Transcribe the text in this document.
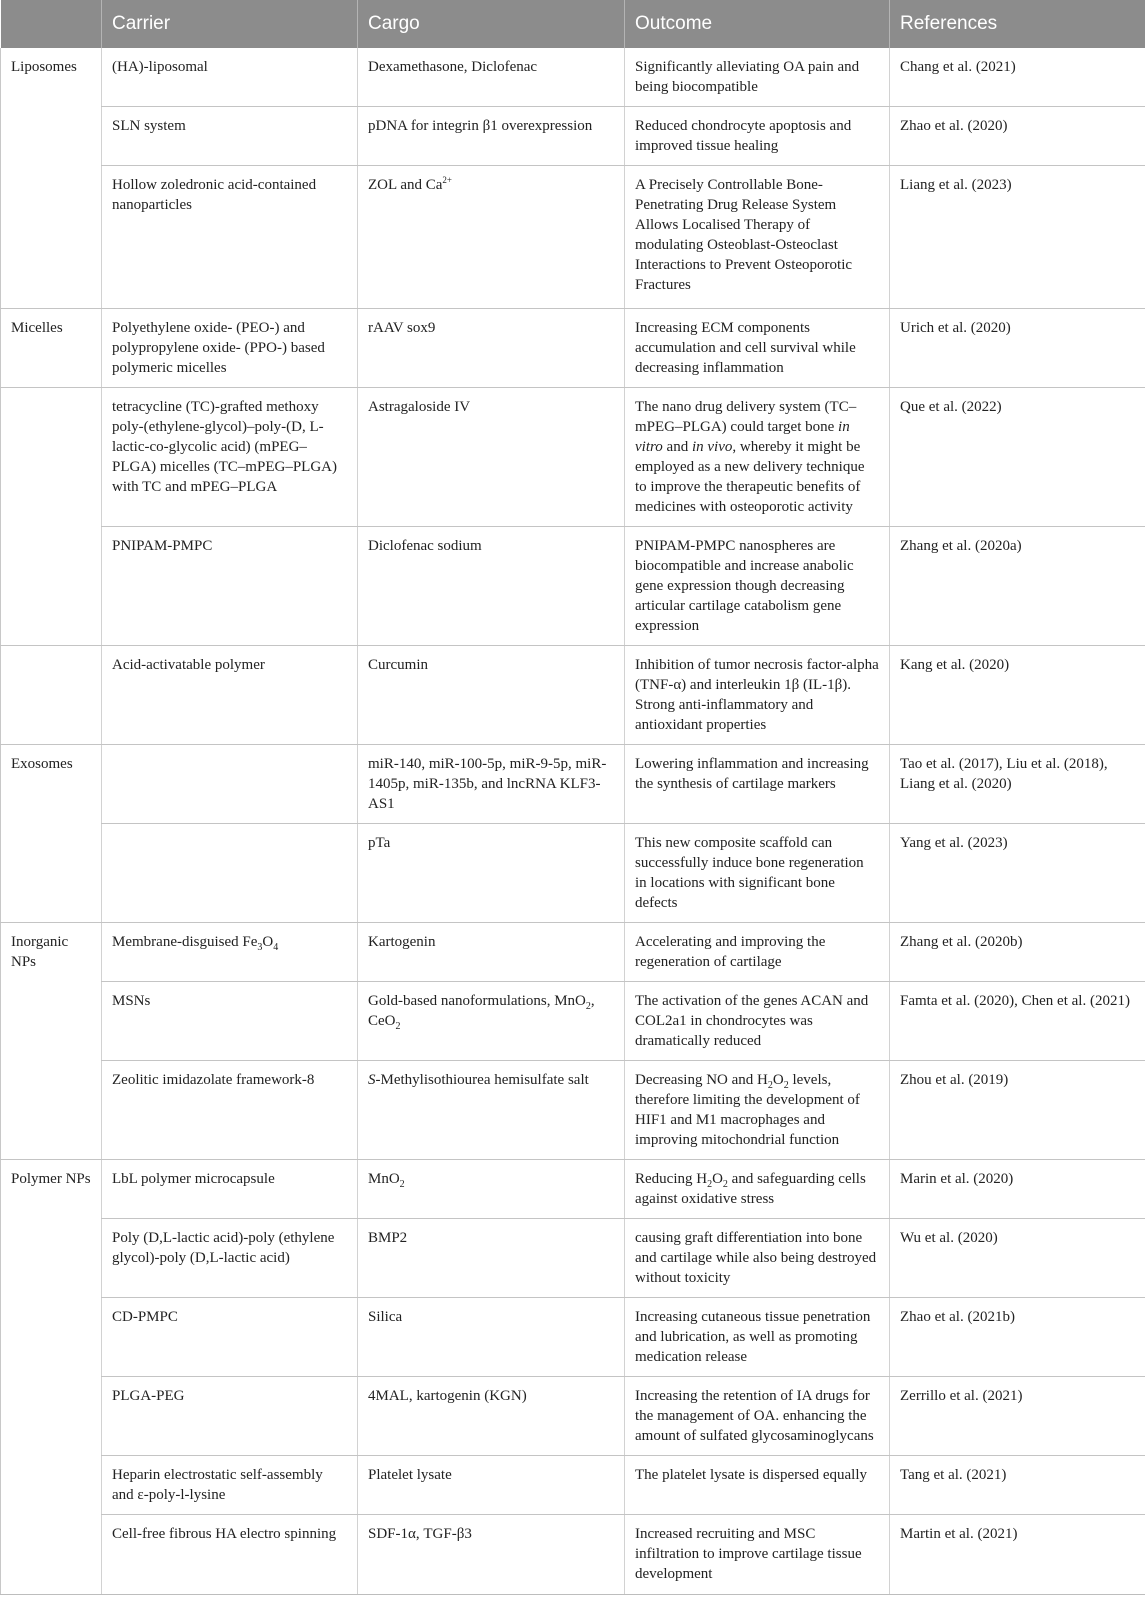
	Carrier	Cargo	Outcome	References
Liposomes	(HA)-liposomal	Dexamethasone, Diclofenac	Significantly alleviating OA pain and being biocompatible	Chang et al. (2021)
	SLN system	pDNA for integrin β1 overexpression	Reduced chondrocyte apoptosis and improved tissue healing	Zhao et al. (2020)
	Hollow zoledronic acid-contained nanoparticles	ZOL and $Ca^{2+}$	A Precisely Controllable Bone-Penetrating Drug Release System Allows Localised Therapy of modulating Osteoblast-Osteoclast Interactions to Prevent Osteoporotic Fractures	Liang et al. (2023)
Micelles	Polyethylene oxide- (PEO-) and polypropylene oxide- (PPO-) based polymeric micelles	rAAV sox9	Increasing ECM components accumulation and cell survival while decreasing inflammation	Urich et al. (2020)
	tetracycline (TC)-grafted methoxy poly-(ethylene-glycol)–poly-(D, L-lactic-co-glycolic acid) (mPEG–PLGA) micelles (TC–mPEG–PLGA) with TC and mPEG–PLGA	Astragaloside IV	The nano drug delivery system (TC–mPEG–PLGA) could target bone in vitro and in vivo, whereby it might be employed as a new delivery technique to improve the therapeutic benefits of medicines with osteoporotic activity	Que et al. (2022)
	PNIPAM-PMPC	Diclofenac sodium	PNIPAM-PMPC nanospheres are biocompatible and increase anabolic gene expression though decreasing articular cartilage catabolism gene expression	Zhang et al. (2020a)
	Acid-activatable polymer	Curcumin	Inhibition of tumor necrosis factor-alpha (TNF-α) and interleukin 1β (IL-1β). Strong anti-inflammatory and antioxidant properties	Kang et al. (2020)
Exosomes		miR-140, miR-100-5p, miR-9-5p, miR-1405p, miR-135b, and lncRNA KLF3-AS1	Lowering inflammation and increasing the synthesis of cartilage markers	Tao et al. (2017), Liu et al. (2018), Liang et al. (2020)
		pTa	This new composite scaffold can successfully induce bone regeneration in locations with significant bone defects	Yang et al. (2023)
Inorganic NPs	Membrane-disguised $Fe_3O_4$	Kartogenin	Accelerating and improving the regeneration of cartilage	Zhang et al. (2020b)
	MSNs	Gold-based nanoformulations, MnO$_2$, CeO$_2$	The activation of the genes ACAN and COL2a1 in chondrocytes was dramatically reduced	Famta et al. (2020), Chen et al. (2021)
	Zeolitic imidazolate framework-8	S-Methylisothiourea hemisulfate salt	Decreasing NO and $H_2O_2$ levels, therefore limiting the development of HIF1 and M1 macrophages and improving mitochondrial function	Zhou et al. (2019)
Polymer NPs	LbL polymer microcapsule	MnO$_2$	Reducing $H_2O_2$ and safeguarding cells against oxidative stress	Marin et al. (2020)
	Poly (D,L-lactic acid)-poly (ethylene glycol)-poly (D,L-lactic acid)	BMP2	causing graft differentiation into bone and cartilage while also being destroyed without toxicity	Wu et al. (2020)
	CD-PMPC	Silica	Increasing cutaneous tissue penetration and lubrication, as well as promoting medication release	Zhao et al. (2021b)
	PLGA-PEG	4MAL, kartogenin (KGN)	Increasing the retention of IA drugs for the management of OA. enhancing the amount of sulfated glycosaminoglycans	Zerrillo et al. (2021)
	Heparin electrostatic self-assembly and ε-poly-l-lysine	Platelet lysate	The platelet lysate is dispersed equally	Tang et al. (2021)
	Cell-free fibrous HA electro spinning	SDF-1α, TGF-β3	Increased recruiting and MSC infiltration to improve cartilage tissue development	Martin et al. (2021)
